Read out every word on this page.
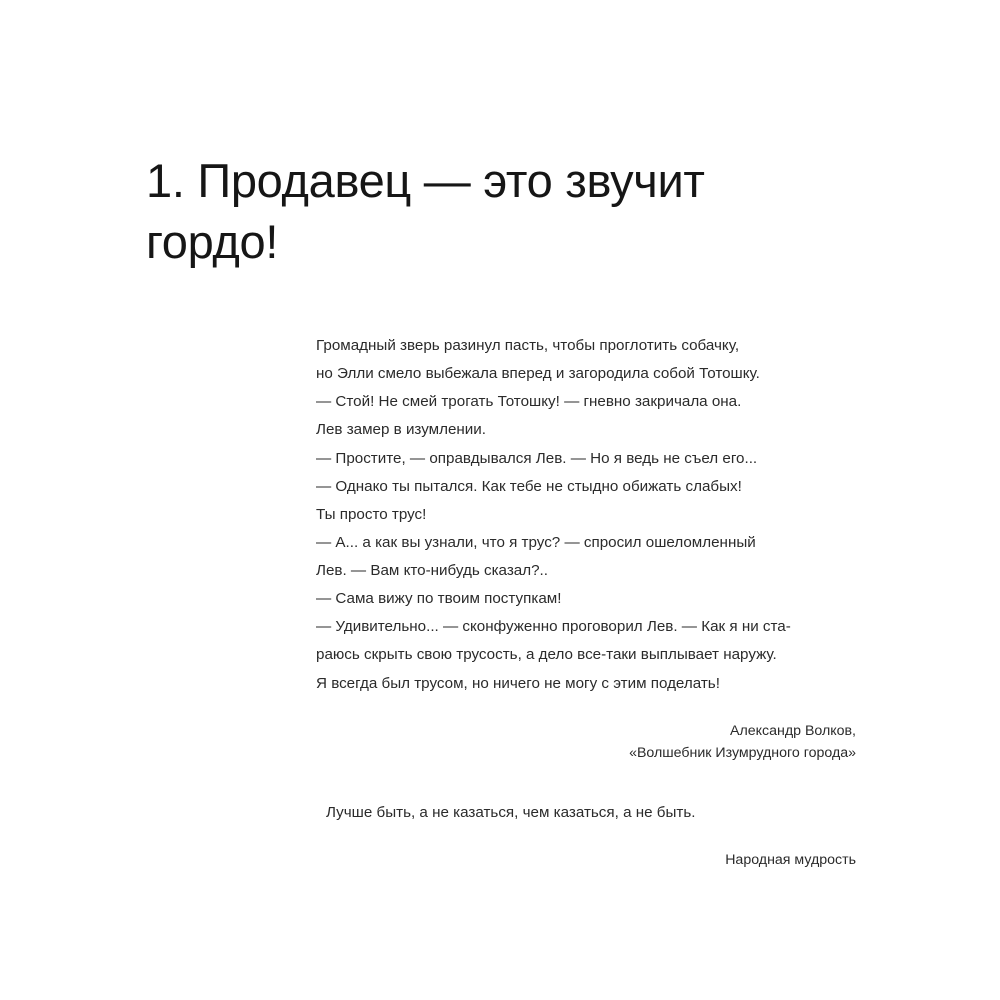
1. Продавец — это звучит гордо!

Громадный зверь разинул пасть, чтобы проглотить собачку,

но Элли смело выбежала вперед и загородила собой Тотошку.

— Стой! Не смей трогать Тотошку! — гневно закричала она.

Лев замер в изумлении.

— Простите, — оправдывался Лев. — Но я ведь не съел его...

— Однако ты пытался. Как тебе не стыдно обижать слабых!

Ты просто трус!

— А... а как вы узнали, что я трус? — спросил ошеломленный

Лев. — Вам кто-нибудь сказал?..

— Сама вижу по твоим поступкам!

— Удивительно... — сконфуженно проговорил Лев. — Как я ни ста-

раюсь скрыть свою трусость, а дело все-таки выплывает наружу.

Я всегда был трусом, но ничего не могу с этим поделать!

Александр Волков,
«Волшебник Изумрудного города»

Лучше быть, а не казаться, чем казаться, а не быть.

Народная мудрость
